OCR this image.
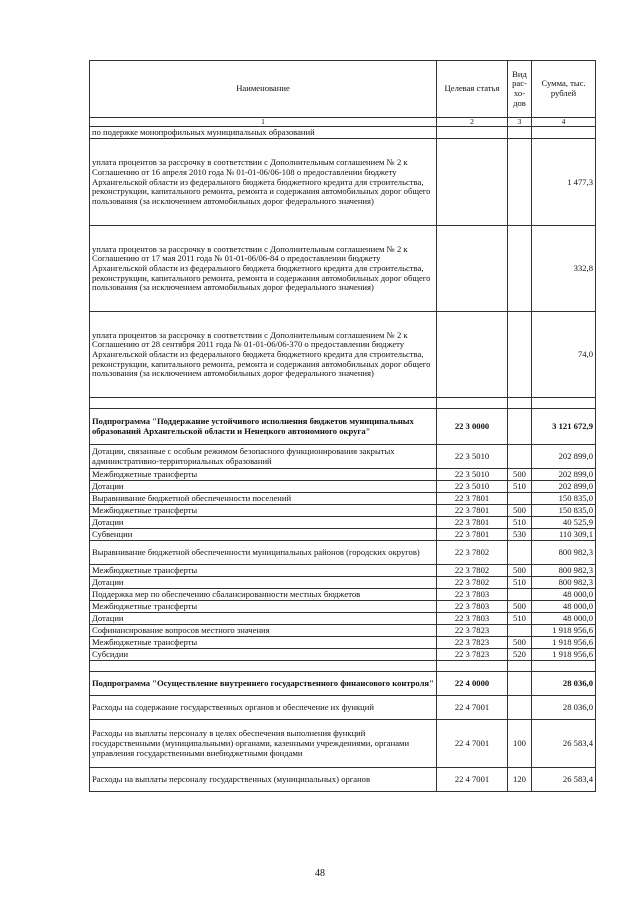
Наименование	Целевая статья	Вид рас- хо- дов	Сумма, тыс. рублей
1	2	3	4
по подержке монопрофильных муниципальных образований			
уплата процентов за рассрочку в соответствии с Дополнительным соглашением № 2 к Соглашению от 16 апреля 2010 года № 01-01-06/06-108 о предоставлении бюджету Архангельской области из федерального бюджета бюджетного кредита для строительства, реконструкции, капитального ремонта, ремонта и содержания автомобильных дорог общего пользования (за исключением автомобильных дорог федерального значения)			1 477,3
уплата процентов за рассрочку в соответствии с Дополнительным соглашением № 2 к Соглашению от 17 мая 2011 года № 01-01-06/06-84 о предоставлении бюджету Архангельской области из федерального бюджета бюджетного кредита для строительства, реконструкции, капитального ремонта, ремонта и содержания автомобильных дорог общего пользования (за исключением автомобильных дорог федерального значения)			332,8
уплата процентов за рассрочку в соответствии с Дополнительным соглашением № 2 к Соглашению от 28 сентября 2011 года № 01-01-06/06-370 о предоставлении бюджету Архангельской области из федерального бюджета бюджетного кредита для строительства, реконструкции, капитального ремонта, ремонта и содержания автомобильных дорог общего пользования (за исключением автомобильных дорог федерального значения)			74,0

Подпрограмма "Поддержание устойчивого исполнения бюджетов муниципальных образований Архангельской области и Ненецкого автономного округа"	22 3 0000		3 121 672,9
Дотации, связанные с особым режимом безопасного функционирования закрытых административно-территориальных образований	22 3 5010		202 899,0
Межбюджетные трансферты	22 3 5010	500	202 899,0
Дотации	22 3 5010	510	202 899,0
Выравнивание бюджетной обеспеченности поселений	22 3 7801		150 835,0
Межбюджетные трансферты	22 3 7801	500	150 835,0
Дотации	22 3 7801	510	40 525,9
Субвенции	22 3 7801	530	110 309,1
Выравнивание бюджетной обеспеченности муниципальных районов (городских округов)	22 3 7802		800 982,3
Межбюджетные трансферты	22 3 7802	500	800 982,3
Дотации	22 3 7802	510	800 982,3
Поддержка мер по обеспечению сбалансированности местных бюджетов	22 3 7803		48 000,0
Межбюджетные трансферты	22 3 7803	500	48 000,0
Дотации	22 3 7803	510	48 000,0
Софинансирование вопросов местного значения	22 3 7823		1 918 956,6
Межбюджетные трансферты	22 3 7823	500	1 918 956,6
Субсидии	22 3 7823	520	1 918 956,6

Подпрограмма "Осуществление внутреннего государственного финансового контроля"	22 4 0000		28 036,0
Расходы на содержание государственных органов и обеспечение их функций	22 4 7001		28 036,0
Расходы на выплаты персоналу в целях обеспечения выполнения функций государственными (муниципальными) органами, казенными учреждениями, органами управления государственными внебюджетными фондами	22 4 7001	100	26 583,4
Расходы на выплаты персоналу государственных (муниципальных) органов	22 4 7001	120	26 583,4
48
